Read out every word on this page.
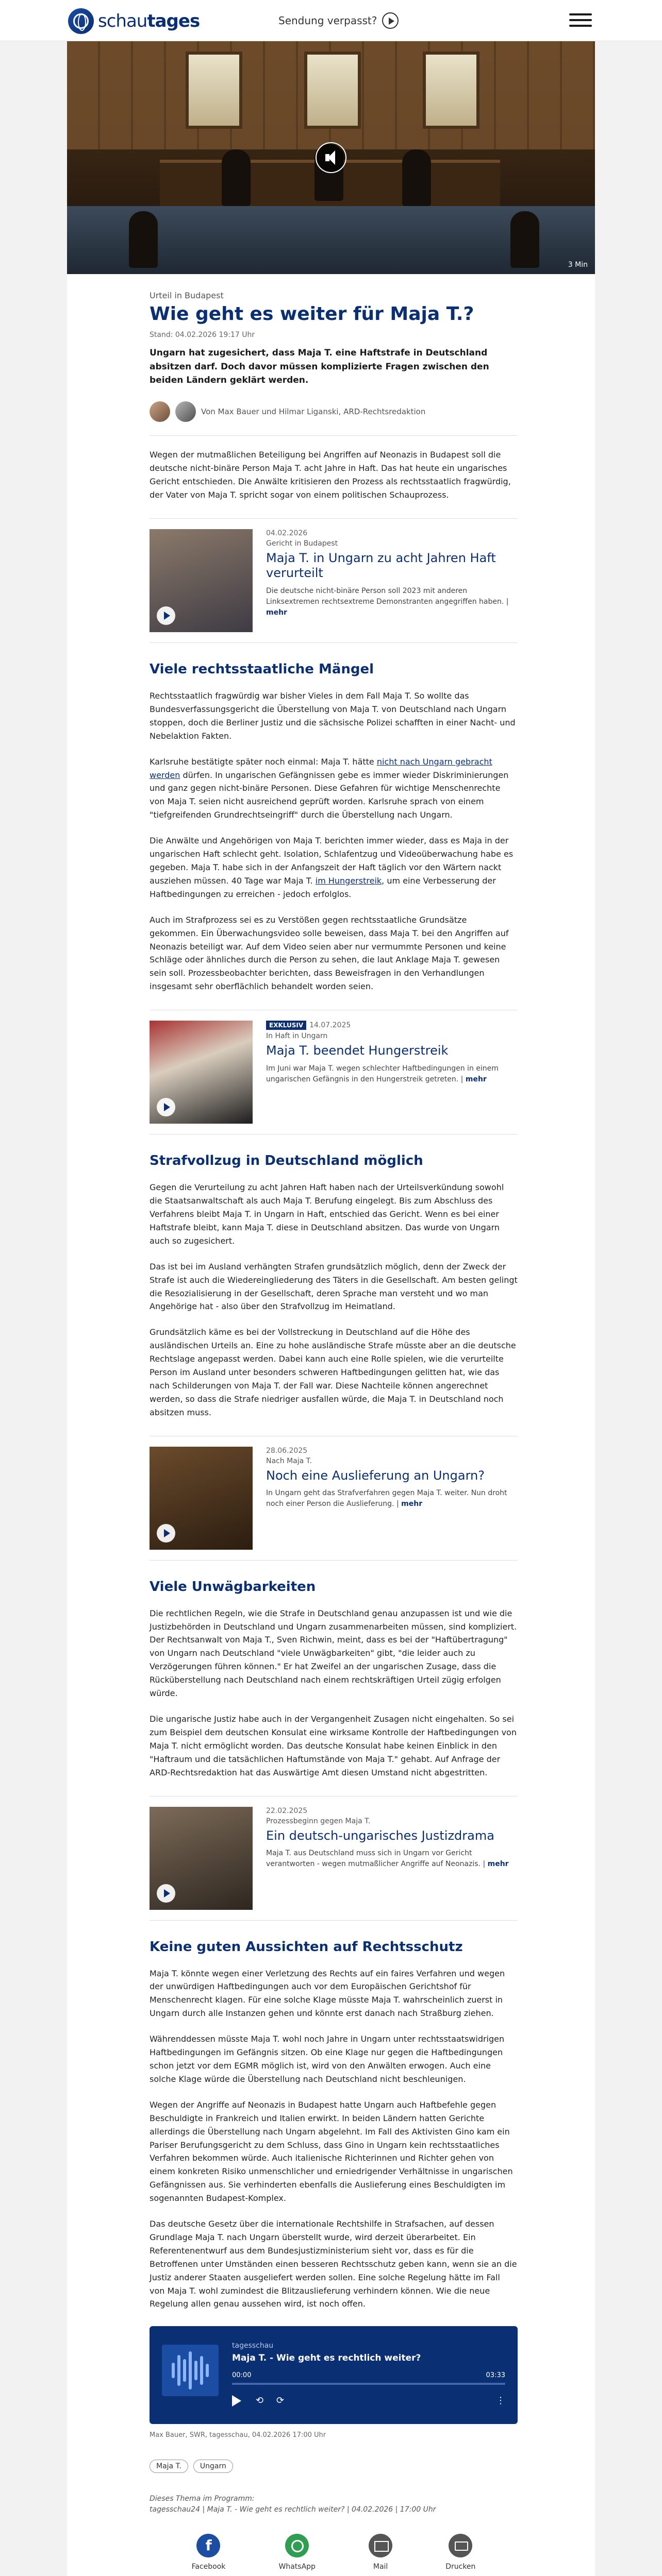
schautages	Sendung verpasst?
3 Min
Urteil in Budapest
Wie geht es weiter für Maja T.?
Stand: 04.02.2026 19:17 Uhr

Ungarn hat zugesichert, dass Maja T. eine Haftstrafe in Deutschland absitzen darf. Doch davor müssen komplizierte Fragen zwischen den beiden Ländern geklärt werden.

Von Max Bauer und Hilmar Liganski, ARD-Rechtsredaktion

Wegen der mutmaßlichen Beteiligung bei Angriffen auf Neonazis in Budapest soll die deutsche nicht-binäre Person Maja T. acht Jahre in Haft. Das hat heute ein ungarisches Gericht entschieden. Die Anwälte kritisieren den Prozess als rechtsstaatlich fragwürdig, der Vater von Maja T. spricht sogar von einem politischen Schauprozess.

04.02.2026
Gericht in Budapest
Maja T. in Ungarn zu acht Jahren Haft verurteilt
Die deutsche nicht-binäre Person soll 2023 mit anderen Linksextremen rechtsextreme Demonstranten angegriffen haben. | mehr
Viele rechtsstaatliche Mängel

Rechtsstaatlich fragwürdig war bisher Vieles in dem Fall Maja T. So wollte das Bundesverfassungsgericht die Überstellung von Maja T. von Deutschland nach Ungarn stoppen, doch die Berliner Justiz und die sächsische Polizei schafften in einer Nacht- und Nebelaktion Fakten.

Karlsruhe bestätigte später noch einmal: Maja T. hätte nicht nach Ungarn gebracht werden dürfen. In ungarischen Gefängnissen gebe es immer wieder Diskriminierungen und ganz gegen nicht-binäre Personen. Diese Gefahren für wichtige Menschenrechte von Maja T. seien nicht ausreichend geprüft worden. Karlsruhe sprach von einem "tiefgreifenden Grundrechtseingriff" durch die Überstellung nach Ungarn.

Die Anwälte und Angehörigen von Maja T. berichten immer wieder, dass es Maja in der ungarischen Haft schlecht geht. Isolation, Schlafentzug und Videoüberwachung habe es gegeben. Maja T. habe sich in der Anfangszeit der Haft täglich vor den Wärtern nackt ausziehen müssen. 40 Tage war Maja T. im Hungerstreik, um eine Verbesserung der Haftbedingungen zu erreichen - jedoch erfolglos.

Auch im Strafprozess sei es zu Verstößen gegen rechtsstaatliche Grundsätze gekommen. Ein Überwachungsvideo solle beweisen, dass Maja T. bei den Angriffen auf Neonazis beteiligt war. Auf dem Video seien aber nur vermummte Personen und keine Schläge oder ähnliches durch die Person zu sehen, die laut Anklage Maja T. gewesen sein soll. Prozessbeobachter berichten, dass Beweisfragen in den Verhandlungen insgesamt sehr oberflächlich behandelt worden seien.

EXKLUSIV 14.07.2025
In Haft in Ungarn
Maja T. beendet Hungerstreik
Im Juni war Maja T. wegen schlechter Haftbedingungen in einem ungarischen Gefängnis in den Hungerstreik getreten. | mehr
Strafvollzug in Deutschland möglich

Gegen die Verurteilung zu acht Jahren Haft haben nach der Urteilsverkündung sowohl die Staatsanwaltschaft als auch Maja T. Berufung eingelegt. Bis zum Abschluss des Verfahrens bleibt Maja T. in Ungarn in Haft, entschied das Gericht. Wenn es bei einer Haftstrafe bleibt, kann Maja T. diese in Deutschland absitzen. Das wurde von Ungarn auch so zugesichert.

Das ist bei im Ausland verhängten Strafen grundsätzlich möglich, denn der Zweck der Strafe ist auch die Wiedereingliederung des Täters in die Gesellschaft. Am besten gelingt die Resozialisierung in der Gesellschaft, deren Sprache man versteht und wo man Angehörige hat - also über den Strafvollzug im Heimatland.

Grundsätzlich käme es bei der Vollstreckung in Deutschland auf die Höhe des ausländischen Urteils an. Eine zu hohe ausländische Strafe müsste aber an die deutsche Rechtslage angepasst werden. Dabei kann auch eine Rolle spielen, wie die verurteilte Person im Ausland unter besonders schweren Haftbedingungen gelitten hat, wie das nach Schilderungen von Maja T. der Fall war. Diese Nachteile können angerechnet werden, so dass die Strafe niedriger ausfallen würde, die Maja T. in Deutschland noch absitzen muss.

28.06.2025
Nach Maja T.
Noch eine Auslieferung an Ungarn?
In Ungarn geht das Strafverfahren gegen Maja T. weiter. Nun droht noch einer Person die Auslieferung. | mehr
Viele Unwägbarkeiten

Die rechtlichen Regeln, wie die Strafe in Deutschland genau anzupassen ist und wie die Justizbehörden in Deutschland und Ungarn zusammenarbeiten müssen, sind kompliziert. Der Rechtsanwalt von Maja T., Sven Richwin, meint, dass es bei der "Haftübertragung" von Ungarn nach Deutschland "viele Unwägbarkeiten" gibt, "die leider auch zu Verzögerungen führen können." Er hat Zweifel an der ungarischen Zusage, dass die Rücküberstellung nach Deutschland nach einem rechtskräftigen Urteil zügig erfolgen würde.

Die ungarische Justiz habe auch in der Vergangenheit Zusagen nicht eingehalten. So sei zum Beispiel dem deutschen Konsulat eine wirksame Kontrolle der Haftbedingungen von Maja T. nicht ermöglicht worden. Das deutsche Konsulat habe keinen Einblick in den "Haftraum und die tatsächlichen Haftumstände von Maja T." gehabt. Auf Anfrage der ARD-Rechtsredaktion hat das Auswärtige Amt diesen Umstand nicht abgestritten.

22.02.2025
Prozessbeginn gegen Maja T.
Ein deutsch-ungarisches Justizdrama
Maja T. aus Deutschland muss sich in Ungarn vor Gericht verantworten - wegen mutmaßlicher Angriffe auf Neonazis. | mehr
Keine guten Aussichten auf Rechtsschutz

Maja T. könnte wegen einer Verletzung des Rechts auf ein faires Verfahren und wegen der unwürdigen Haftbedingungen auch vor dem Europäischen Gerichtshof für Menschenrecht klagen. Für eine solche Klage müsste Maja T. wahrscheinlich zuerst in Ungarn durch alle Instanzen gehen und könnte erst danach nach Straßburg ziehen.

Währenddessen müsste Maja T. wohl noch Jahre in Ungarn unter rechtsstaatswidrigen Haftbedingungen im Gefängnis sitzen. Ob eine Klage nur gegen die Haftbedingungen schon jetzt vor dem EGMR möglich ist, wird von den Anwälten erwogen. Auch eine solche Klage würde die Überstellung nach Deutschland nicht beschleunigen.

Wegen der Angriffe auf Neonazis in Budapest hatte Ungarn auch Haftbefehle gegen Beschuldigte in Frankreich und Italien erwirkt. In beiden Ländern hatten Gerichte allerdings die Überstellung nach Ungarn abgelehnt. Im Fall des Aktivisten Gino kam ein Pariser Berufungsgericht zu dem Schluss, dass Gino in Ungarn kein rechtsstaatliches Verfahren bekommen würde. Auch italienische Richterinnen und Richter gehen von einem konkreten Risiko unmenschlicher und erniedrigender Verhältnisse in ungarischen Gefängnissen aus. Sie verhinderten ebenfalls die Auslieferung eines Beschuldigten im sogenannten Budapest-Komplex.

Das deutsche Gesetz über die internationale Rechtshilfe in Strafsachen, auf dessen Grundlage Maja T. nach Ungarn überstellt wurde, wird derzeit überarbeitet. Ein Referentenentwurf aus dem Bundesjustizministerium sieht vor, dass es für die Betroffenen unter Umständen einen besseren Rechtsschutz geben kann, wenn sie an die Justiz anderer Staaten ausgeliefert werden sollen. Eine solche Regelung hätte im Fall von Maja T. wohl zumindest die Blitzauslieferung verhindern können. Wie die neue Regelung allen genau aussehen wird, ist noch offen.

tagesschau
Maja T. - Wie geht es rechtlich weiter?
00:00	03:33
⟲ ⟳	⋮
Max Bauer, SWR, tagesschau, 04.02.2026 17:00 Uhr
Maja T.	Ungarn
Dieses Thema im Programm:
tagesschau24 | Maja T. - Wie geht es rechtlich weiter? | 04.02.2026 | 17:00 Uhr
f
Facebook	WhatsApp	Mail	Drucken
